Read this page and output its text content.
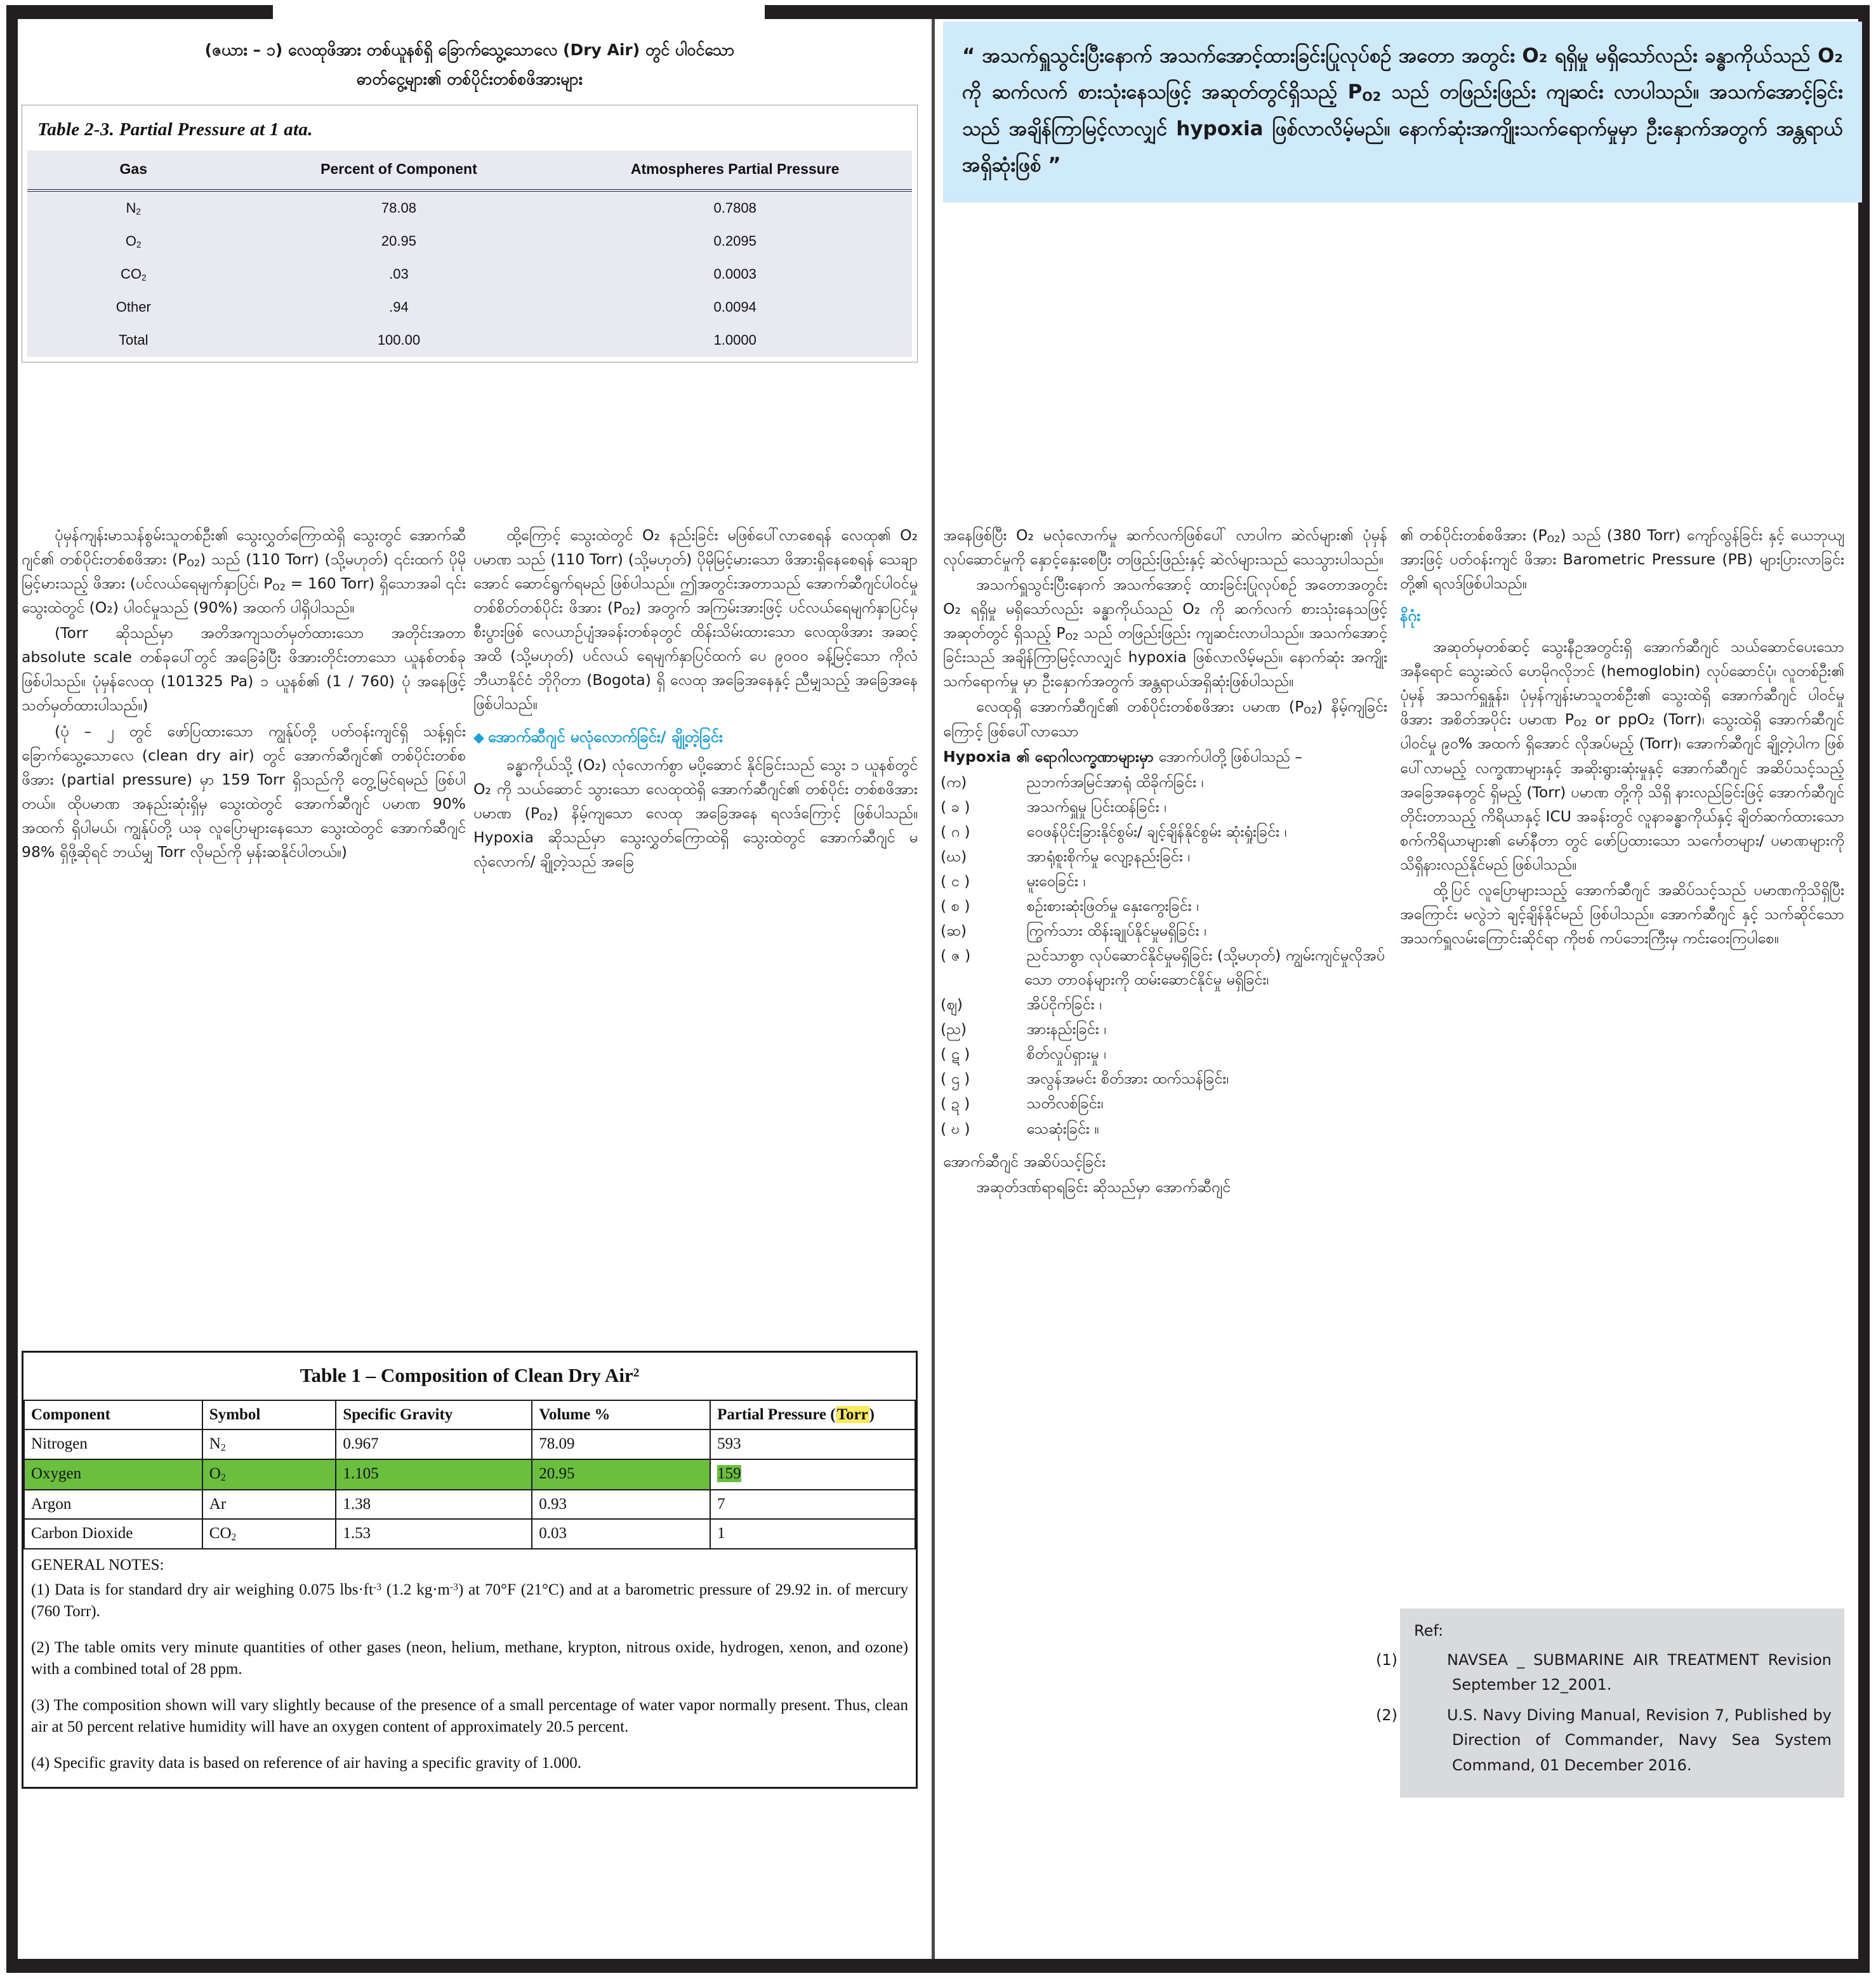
(ဇယား – ၁) လေထုဖိအား တစ်ယူနစ်ရှိ ခြောက်သွေ့သောလေ (Dry Air) တွင် ပါဝင်သော
ဓာတ်ငွေ့များ၏ တစ်ပိုင်းတစ်စဖိအားများ
Table 2-3. Partial Pressure at 1 ata.
Gas	Percent of Component	Atmospheres Partial Pressure
$N_2$	78.08	0.7808
$O_2$	20.95	0.2095
$CO_2$	.03	0.0003
Other	.94	0.0094
Total	100.00	1.0000

“ အသက်ရှူသွင်းပြီးနောက် အသက်အောင့်ထားခြင်းပြုလုပ်စဉ် အတော အတွင်း O₂ ရရှိမှု မရှိသော်လည်း ခန္ဓာကိုယ်သည် O₂ ကို ဆက်လက် စားသုံးနေသဖြင့် အဆုတ်တွင်ရှိသည့် $P_{O2}$ သည် တဖြည်းဖြည်း ကျဆင်း လာပါသည်။ အသက်အောင့်ခြင်းသည် အချိန်ကြာမြင့်လာလျှင် hypoxia ဖြစ်လာလိမ့်မည်။ နောက်ဆုံးအကျိုးသက်ရောက်မှုမှာ ဦးနှောက်အတွက် အန္တရာယ်အရှိဆုံးဖြစ် ”

ပုံမှန်ကျန်းမာသန်စွမ်းသူတစ်ဦး၏ သွေးလွှတ်ကြောထဲရှိ သွေးတွင် အောက်ဆီဂျင်၏ တစ်ပိုင်းတစ်စဖိအား $(P_{O2})$ သည် (110 Torr) (သို့မဟုတ်) ၎င်းထက် ပိုမိုမြင့်မားသည့် ဖိအား (ပင်လယ်ရေမျက်နှာပြင်၊ $P_{O2} = 160$ Torr) ရှိသောအခါ ၎င်း သွေးထဲတွင် (O₂) ပါဝင်မှုသည် (90%) အထက် ပါရှိပါသည်။

(Torr ဆိုသည်မှာ အတိအကျသတ်မှတ်ထားသော အတိုင်းအတာ absolute scale တစ်ခုပေါ်တွင် အခြေခံပြီး ဖိအားတိုင်းတာသော ယူနစ်တစ်ခု ဖြစ်ပါသည်။ ပုံမှန်လေထု (101325 Pa) ၁ ယူနစ်၏ (1 / 760) ပုံ အနေဖြင့် သတ်မှတ်ထားပါသည်။)

(ပုံ – ၂ တွင် ဖော်ပြထားသော ကျွန်ုပ်တို့ ပတ်ဝန်းကျင်ရှိ သန့်ရှင်းခြောက်သွေ့သောလေ (clean dry air) တွင် အောက်ဆီဂျင်၏ တစ်ပိုင်းတစ်စဖိအား (partial pressure) မှာ 159 Torr ရှိသည်ကို တွေ့မြင်ရမည် ဖြစ်ပါတယ်။ ထိုပမာဏ အနည်းဆုံးရှိမှ သွေးထဲတွင် အောက်ဆီဂျင် ပမာဏ 90% အထက် ရှိပါမယ်၊ ကျွန်ုပ်တို့ ယခု လူပြောများနေသော သွေးထဲတွင် အောက်ဆီဂျင် 98% ရှိဖို့ဆိုရင် ဘယ်မျှ Torr လိုမည်ကို မှန်းဆနိုင်ပါတယ်။)

ထို့ကြောင့် သွေးထဲတွင် O₂ နည်းခြင်း မဖြစ်ပေါ်လာစေရန် လေထု၏ O₂ ပမာဏ သည် (110 Torr) (သို့မဟုတ်) ပိုမိုမြင့်မားသော ဖိအားရှိနေစေရန် သေချာအောင် ဆောင်ရွက်ရမည် ဖြစ်ပါသည်။ ဤအတွင်းအတာသည် အောက်ဆီဂျင်ပါဝင်မှု တစ်စိတ်တစ်ပိုင်း ဖိအား $(P_{O2})$ အတွက် အကြမ်းအားဖြင့် ပင်လယ်ရေမျက်နှာပြင်မှ စီးပွားဖြစ် လေယာဉ်ပျံအခန်းတစ်ခုတွင် ထိန်းသိမ်းထားသော လေထုဖိအား အဆင့်အထိ (သို့မဟုတ်) ပင်လယ် ရေမျက်နှာပြင်ထက် ပေ ၉၀၀၀ ခန့်မြင့်သော ကိုလံဘီယာနိုင်ငံ ဘိုဂိုတာ (Bogota) ရှိ လေထု အခြေအနေနှင့် ညီမျှသည့် အခြေအနေဖြစ်ပါသည်။

◆ အောက်ဆီဂျင် မလုံလောက်ခြင်း/ ချို့တဲ့ခြင်း

ခန္ဓာကိုယ်သို့ (O₂) လုံလောက်စွာ မပို့ဆောင် နိုင်ခြင်းသည် သွေး ၁ ယူနစ်တွင် O₂ ကို သယ်ဆောင် သွားသော လေထုထဲရှိ အောက်ဆီဂျင်၏ တစ်ပိုင်း တစ်စဖိအား ပမာဏ $(P_{O2})$ နိမ့်ကျသော လေထု အခြေအနေ ရလဒ်ကြောင့် ဖြစ်ပါသည်။ Hypoxia ဆိုသည်မှာ သွေးလွှတ်ကြောထဲရှိ သွေးထဲတွင် အောက်ဆီဂျင် မလုံလောက်/ ချို့တဲ့သည် အခြေ

အနေဖြစ်ပြီး O₂ မလုံလောက်မှု ဆက်လက်ဖြစ်ပေါ် လာပါက ဆဲလ်များ၏ ပုံမှန်လုပ်ဆောင်မှုကို နှောင့်နှေးစေပြီး တဖြည်းဖြည်းနှင့် ဆဲလ်များသည် သေသွားပါသည်။

အသက်ရှူသွင်းပြီးနောက် အသက်အောင့် ထားခြင်းပြုလုပ်စဉ် အတောအတွင်း O₂ ရရှိမှု မရှိသော်လည်း ခန္ဓာကိုယ်သည် O₂ ကို ဆက်လက် စားသုံးနေသဖြင့် အဆုတ်တွင် ရှိသည့် $P_{O2}$ သည် တဖြည်းဖြည်း ကျဆင်းလာပါသည်။ အသက်အောင့် ခြင်းသည် အချိန်ကြာမြင့်လာလျှင် hypoxia ဖြစ်လာလိမ့်မည်။ နောက်ဆုံး အကျိုးသက်ရောက်မှု မှာ ဦးနှောက်အတွက် အန္တရာယ်အရှိဆုံးဖြစ်ပါသည်။

လေထုရှိ အောက်ဆီဂျင်၏ တစ်ပိုင်းတစ်စဖိအား ပမာဏ $(P_{O2})$ နိမ့်ကျခြင်းကြောင့် ဖြစ်ပေါ်လာသော

Hypoxia ၏ ရောဂါလက္ခဏာများမှာ အောက်ပါတို့ ဖြစ်ပါသည် –

(က)	ညဘက်အမြင်အာရုံ ထိခိုက်ခြင်း ၊
( ခ )	အသက်ရှူမှု ပြင်းထန်ခြင်း ၊
( ဂ )	ဝေဖန်ပိုင်းခြားနိုင်စွမ်း/ ချင့်ချိန်နိုင်စွမ်း ဆုံးရှုံးခြင်း ၊
(ဃ)	အာရုံစူးစိုက်မှု လျော့နည်းခြင်း ၊
( င )	မူးဝေခြင်း ၊
( စ )	စဉ်းစားဆုံးဖြတ်မှု နှေးကွေးခြင်း ၊
(ဆ)	ကြွက်သား ထိန်းချုပ်နိုင်မှုမရှိခြင်း ၊
( ဇ )	ညင်သာစွာ လုပ်ဆောင်နိုင်မှုမရှိခြင်း (သို့မဟုတ်) ကျွမ်းကျင်မှုလိုအပ်သော တာဝန်များကို ထမ်းဆောင်နိုင်မှု မရှိခြင်း၊
(ဈ)	အိပ်ငိုက်ခြင်း ၊
(ည)	အားနည်းခြင်း ၊
( ဋ )	စိတ်လှုပ်ရှားမှု ၊
( ဌ )	အလွန်အမင်း စိတ်အား ထက်သန်ခြင်း၊
( ဍ )	သတိလစ်ခြင်း၊
( ဎ )	သေဆုံးခြင်း ။

အောက်ဆီဂျင် အဆိပ်သင့်ခြင်း

အဆုတ်ဒဏ်ရာရခြင်း ဆိုသည်မှာ အောက်ဆီဂျင်

၏ တစ်ပိုင်းတစ်စဖိအား $(P_{O2})$ သည် (380 Torr) ကျော်လွန်ခြင်း နှင့် ယေဘုယျအားဖြင့် ပတ်ဝန်းကျင် ဖိအား Barometric Pressure (PB) များပြားလာခြင်း တို့၏ ရလဒ်ဖြစ်ပါသည်။

နိဂုံး

အဆုတ်မှတစ်ဆင့် သွေးနီဥအတွင်းရှိ အောက်ဆီဂျင် သယ်ဆောင်ပေးသော အနီရောင် သွေးဆဲလ် ဟေမိုဂလိုဘင် (hemoglobin) လုပ်ဆောင်ပုံ၊ လူတစ်ဦး၏ ပုံမှန် အသက်ရှူနှုန်း၊ ပုံမှန်ကျန်းမာသူတစ်ဦး၏ သွေးထဲရှိ အောက်ဆီဂျင် ပါဝင်မှု ဖိအား အစိတ်အပိုင်း ပမာဏ $P_{O2}$ or ppO₂ (Torr)၊ သွေးထဲရှိ အောက်ဆီဂျင် ပါဝင်မှု ၉၀% အထက် ရှိအောင် လိုအပ်မည့် (Torr)၊ အောက်ဆီဂျင် ချို့တဲ့ပါက ဖြစ်ပေါ်လာမည့် လက္ခဏာများနှင့် အဆိုးရွားဆုံးမှုနှင့် အောက်ဆီဂျင် အဆိပ်သင့်သည့် အခြေအနေတွင် ရှိမည့် (Torr) ပမာဏ တို့ကို သိရှိ နားလည်ခြင်းဖြင့် အောက်ဆီဂျင် တိုင်းတာသည့် ကိရိယာနှင့် ICU အခန်းတွင် လူနာခန္ဓာကိုယ်နှင့် ချိတ်ဆက်ထားသော စက်ကိရိယာများ၏ မော်နီတာ တွင် ဖော်ပြထားသော သင်္ကေတများ/ ပမာဏများကို သိရှိနားလည်နိုင်မည် ဖြစ်ပါသည်။

ထို့ပြင် လူပြောများသည့် အောက်ဆီဂျင် အဆိပ်သင့်သည် ပမာဏကိုသိရှိပြီး အကြောင်း မလွဲဘဲ ချင့်ချိန်နိုင်မည် ဖြစ်ပါသည်။ အောက်ဆီဂျင် နှင့် သက်ဆိုင်သော အသက်ရှူလမ်းကြောင်းဆိုင်ရာ ကိုဗစ် ကပ်ဘေးကြီးမှ ကင်းဝေးကြပါစေ။

Table 1 – Composition of Clean Dry Air$^2$
Component	Symbol	Specific Gravity	Volume %	Partial Pressure (Torr)
Nitrogen	$N_2$	0.967	78.09	593
Oxygen	$O_2$	1.105	20.95	159
Argon	Ar	1.38	0.93	7
Carbon Dioxide	$CO_2$	1.53	0.03	1

GENERAL NOTES:

(1) Data is for standard dry air weighing 0.075 $lbs\cdot ft^{-3}$ (1.2 $kg\cdot m^{-3}$) at 70°F (21°C) and at a barometric pressure of 29.92 in. of mercury (760 Torr).

(2) The table omits very minute quantities of other gases (neon, helium, methane, krypton, nitrous oxide, hydrogen, xenon, and ozone) with a combined total of 28 ppm.

(3) The composition shown will vary slightly because of the presence of a small percentage of water vapor normally present. Thus, clean air at 50 percent relative humidity will have an oxygen content of approximately 20.5 percent.

(4) Specific gravity data is based on reference of air having a specific gravity of 1.000.

Ref:

(1)	NAVSEA _ SUBMARINE AIR TREATMENT Revision September 12_2001.

(2)	U.S. Navy Diving Manual, Revision 7, Published by Direction of Commander, Navy Sea System Command, 01 December 2016.
